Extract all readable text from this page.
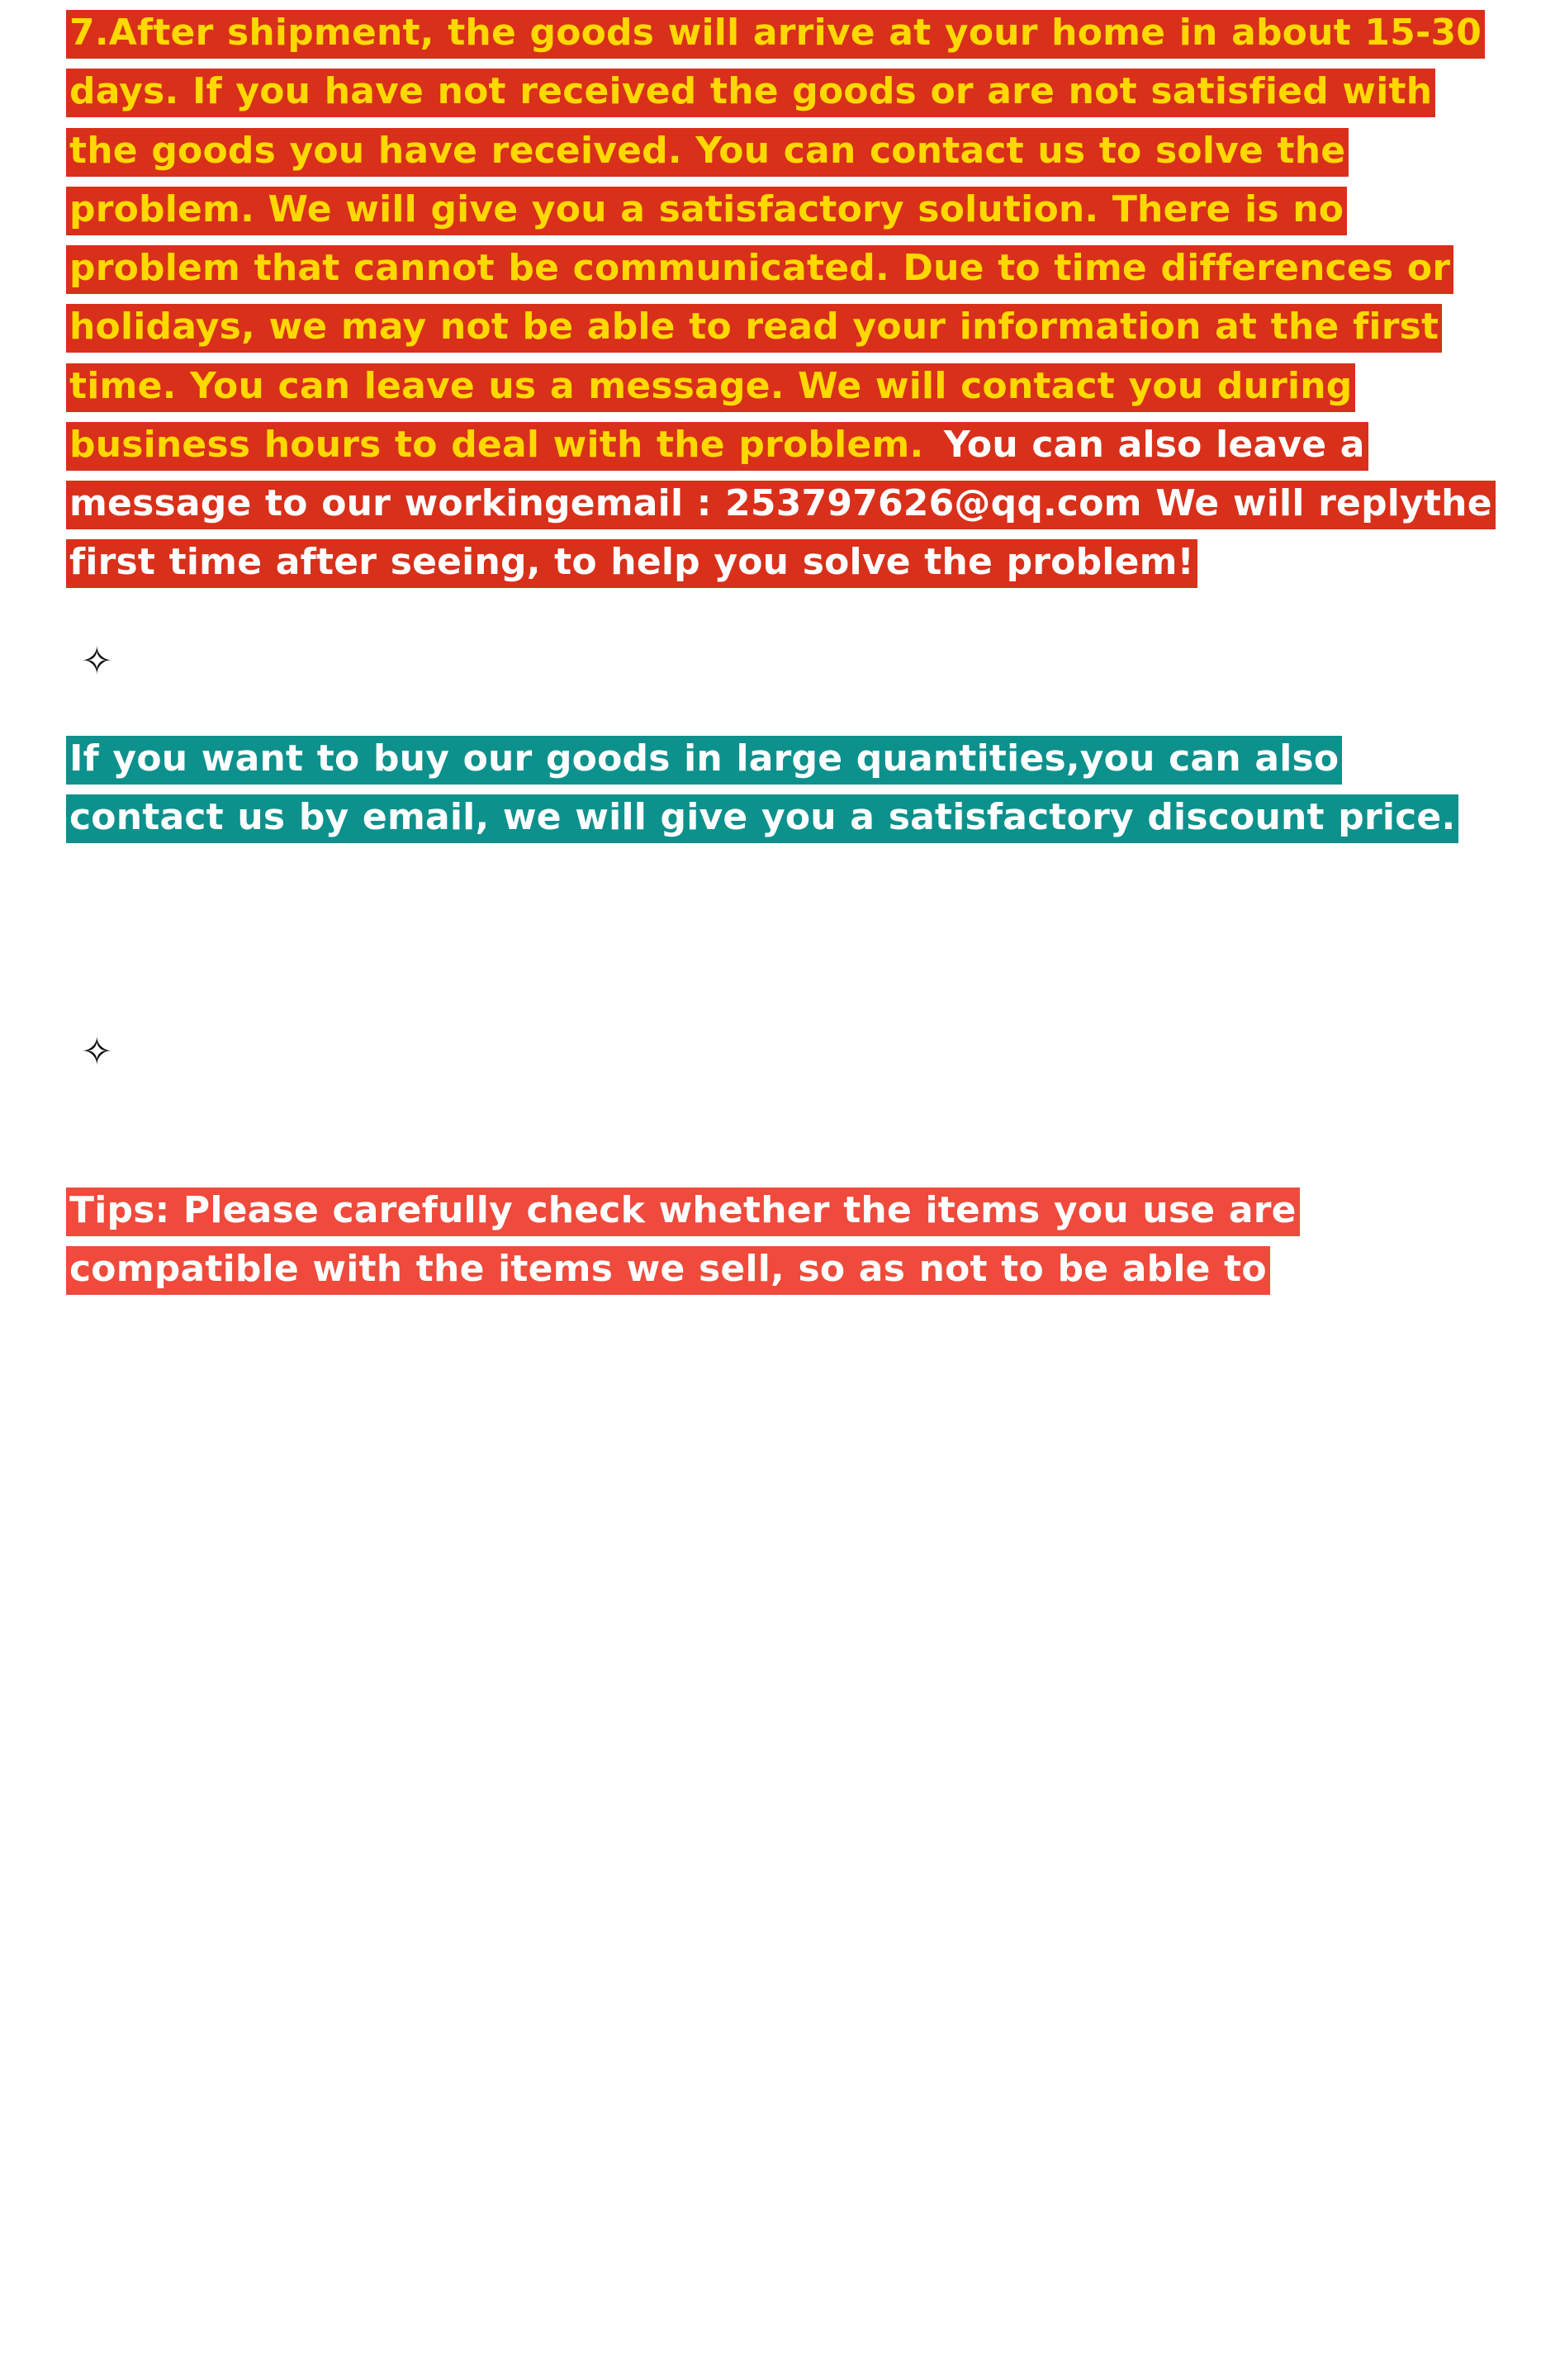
7.After shipment, the goods will arrive at your home in about 15-30 days. If you have not received the goods or are not satisfied with the goods you have received. You can contact us to solve the problem. We will give you a satisfactory solution. There is no problem that cannot be communicated. Due to time differences or holidays, we may not be able to read your information at the first time. You can leave us a message. We will contact you during business hours to deal with the problem. You can also leave a message to our workingemail : 253797626@qq.com We will replythe first time after seeing, to help you solve the problem!

✧

If you want to buy our goods in large quantities,you can also contact us by email, we will give you a satisfactory discount price.

✧

Tips: Please carefully check whether the items you use are compatible with the items we sell, so as not to be able to
